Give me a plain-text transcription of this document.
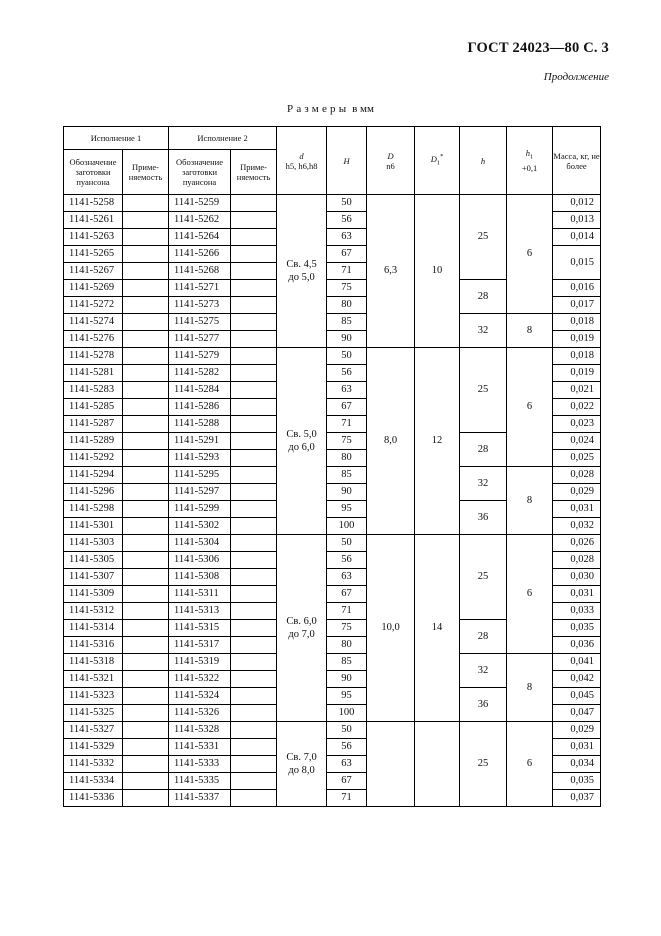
ГОСТ 24023—80 С. 3
Продолжение
Размеры в мм
Исполнение 1		Исполнение 2		d
h5, h6,h8	H	D
n6	$D_1^*$	h	$h_1$
+0,1	Масса, кг, не более
Обозначение заготовки пуансона	Приме-няемость	Обозначение заготовки пуансона	Приме-няемость							
1141-5258		1141-5259		Св. 4,5 до 5,0	50	6,3	10	25	6	0,012
1141-5261		1141-5262			56					0,013
1141-5263		1141-5264			63					0,014
1141-5265		1141-5266			67					0,015
1141-5267		1141-5268			71					
1141-5269		1141-5271			75			28		0,016
1141-5272		1141-5273			80					0,017
1141-5274		1141-5275			85			32	8	0,018
1141-5276		1141-5277			90					0,019
1141-5278		1141-5279		Св. 5,0 до 6,0	50	8,0	12	25	6	0,018
1141-5281		1141-5282			56					0,019
1141-5283		1141-5284			63					0,021
1141-5285		1141-5286			67					0,022
1141-5287		1141-5288			71					0,023
1141-5289		1141-5291			75			28		0,024
1141-5292		1141-5293			80					0,025
1141-5294		1141-5295			85			32	8	0,028
1141-5296		1141-5297			90					0,029
1141-5298		1141-5299			95			36		0,031
1141-5301		1141-5302			100					0,032
1141-5303		1141-5304		Св. 6,0 до 7,0	50	10,0	14	25	6	0,026
1141-5305		1141-5306			56					0,028
1141-5307		1141-5308			63					0,030
1141-5309		1141-5311			67					0,031
1141-5312		1141-5313			71					0,033
1141-5314		1141-5315			75			28		0,035
1141-5316		1141-5317			80					0,036
1141-5318		1141-5319			85			32	8	0,041
1141-5321		1141-5322			90					0,042
1141-5323		1141-5324			95			36		0,045
1141-5325		1141-5326			100					0,047
1141-5327		1141-5328		Св. 7,0 до 8,0	50			25	6	0,029
1141-5329		1141-5331			56					0,031
1141-5332		1141-5333			63					0,034
1141-5334		1141-5335			67					0,035
1141-5336		1141-5337			71					0,037
